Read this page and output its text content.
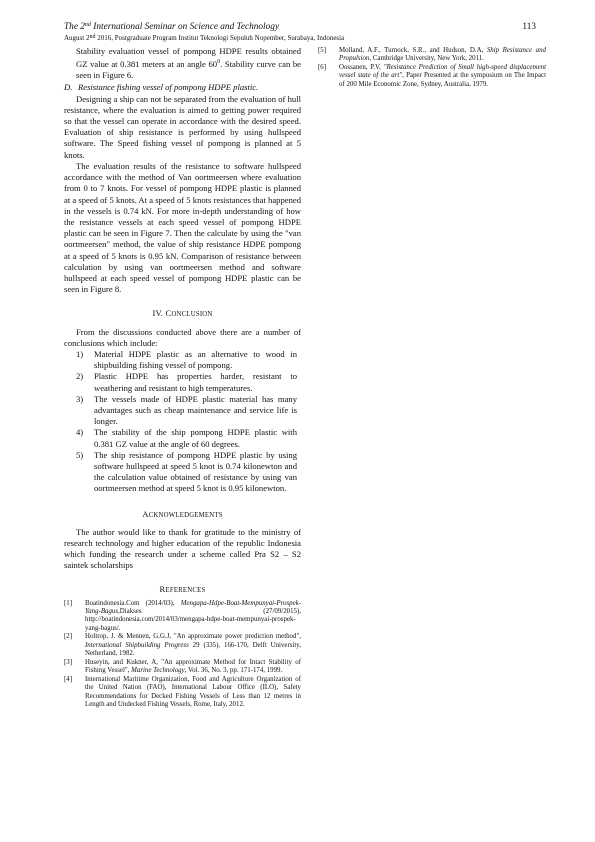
The 2nd International Seminar on Science and Technology	113
August 2nd 2016, Postgraduate Program Institut Teknologi Sepuluh Nopember, Surabaya, Indonesia

Stability evaluation vessel of pompong HDPE results obtained GZ value at 0.381 meters at an angle $60^0$. Stability curve can be seen in Figure 6.

D. Resistance fishing vessel of pompong HDPE plastic.

Designing a ship can not be separated from the evaluation of hull resistance, where the evaluation is aimed to getting power required so that the vessel can operate in accordance with the desired speed. Evaluation of ship resistance is performed by using hullspeed software. The Speed fishing vessel of pompong is planned at 5 knots.

The evaluation results of the resistance to software hullspeed accordance with the method of Van oortmeersen where evaluation from 0 to 7 knots. For vessel of pompong HDPE plastic is planned at a speed of 5 knots. At a speed of 5 knots resistances that happened in the vessels is 0.74 kN. For more in-depth understanding of how the resistance vessels at each speed vessel of pompong HDPE plastic can be seen in Figure 7. Then the calculate by using the "van oortmeersen" method, the value of ship resistance HDPE pompong at a speed of 5 knots is 0.95 kN. Comparison of resistance between calculation by using van oortmeersen method and software hullspeed at each speed vessel of pompong HDPE plastic can be seen in Figure 8.

IV. CONCLUSION

From the discussions conducted above there are a number of conclusions which include:

1) Material HDPE plastic as an alternative to wood in shipbuilding fishing vessel of pompong.
2) Plastic HDPE has properties harder, resistant to weathering and resistant to high temperatures.
3) The vessels made of HDPE plastic material has many advantages such as cheap maintenance and service life is longer.
4) The stability of the ship pompong HDPE plastic with 0.381 GZ value at the angle of 60 degrees.
5) The ship resistance of pompong HDPE plastic by using software hullspeed at speed 5 knot is 0.74 kilonewton and the calculation value obtained of resistance by using van oortmeersen method at speed 5 knot is 0.95 kilonewton.
ACKNOWLEDGEMENTS

The author would like to thank for gratitude to the ministry of research technology and higher education of the republic Indonesia which funding the research under a scheme called Pra S2 – S2 saintek scholarships

REFERENCES
[1] Boatindonesia.Com (2014/03), Mengapa-Hdpe-Boat-Mempunyai-Prospek-Yang-Bagus,Diakses (27/09/2015), http://boatindonesia.com/2014/03/mengapa-hdpe-boat-mempunyai-prospek-yang-bagus/.
[2] Holtrop, J. & Mennen, G.G.J, "An approximate power prediction method", International Shipbuilding Progress 29 (335), 166-170, Delft University, Netherland, 1982.
[3] Huseyin, and Kukner, A, "An approximate Method for Intact Stability of Fishing Vessel", Marine Technology, Vol. 36, No. 3, pp. 171-174, 1999.
[4] International Maritime Organization, Food and Agriculture Organization of the United Nation (FAO), International Labour Office (ILO), Safety Recommendations for Decked Fishing Vessels of Less than 12 metres in Length and Undecked Fishing Vessels, Rome, Italy, 2012.
[5] Molland, A.F., Turnock, S.R., and Hudson, D.A, Ship Resistance and Propulsion, Cambridge University, New York, 2011.
[6] Oossanen, P.V, "Resistance Prediction of Small high-speed displacement vessel state of the art", Paper Presented at the symposium on The Impact of 200 Mile Economic Zone, Sydney, Australia, 1979.
